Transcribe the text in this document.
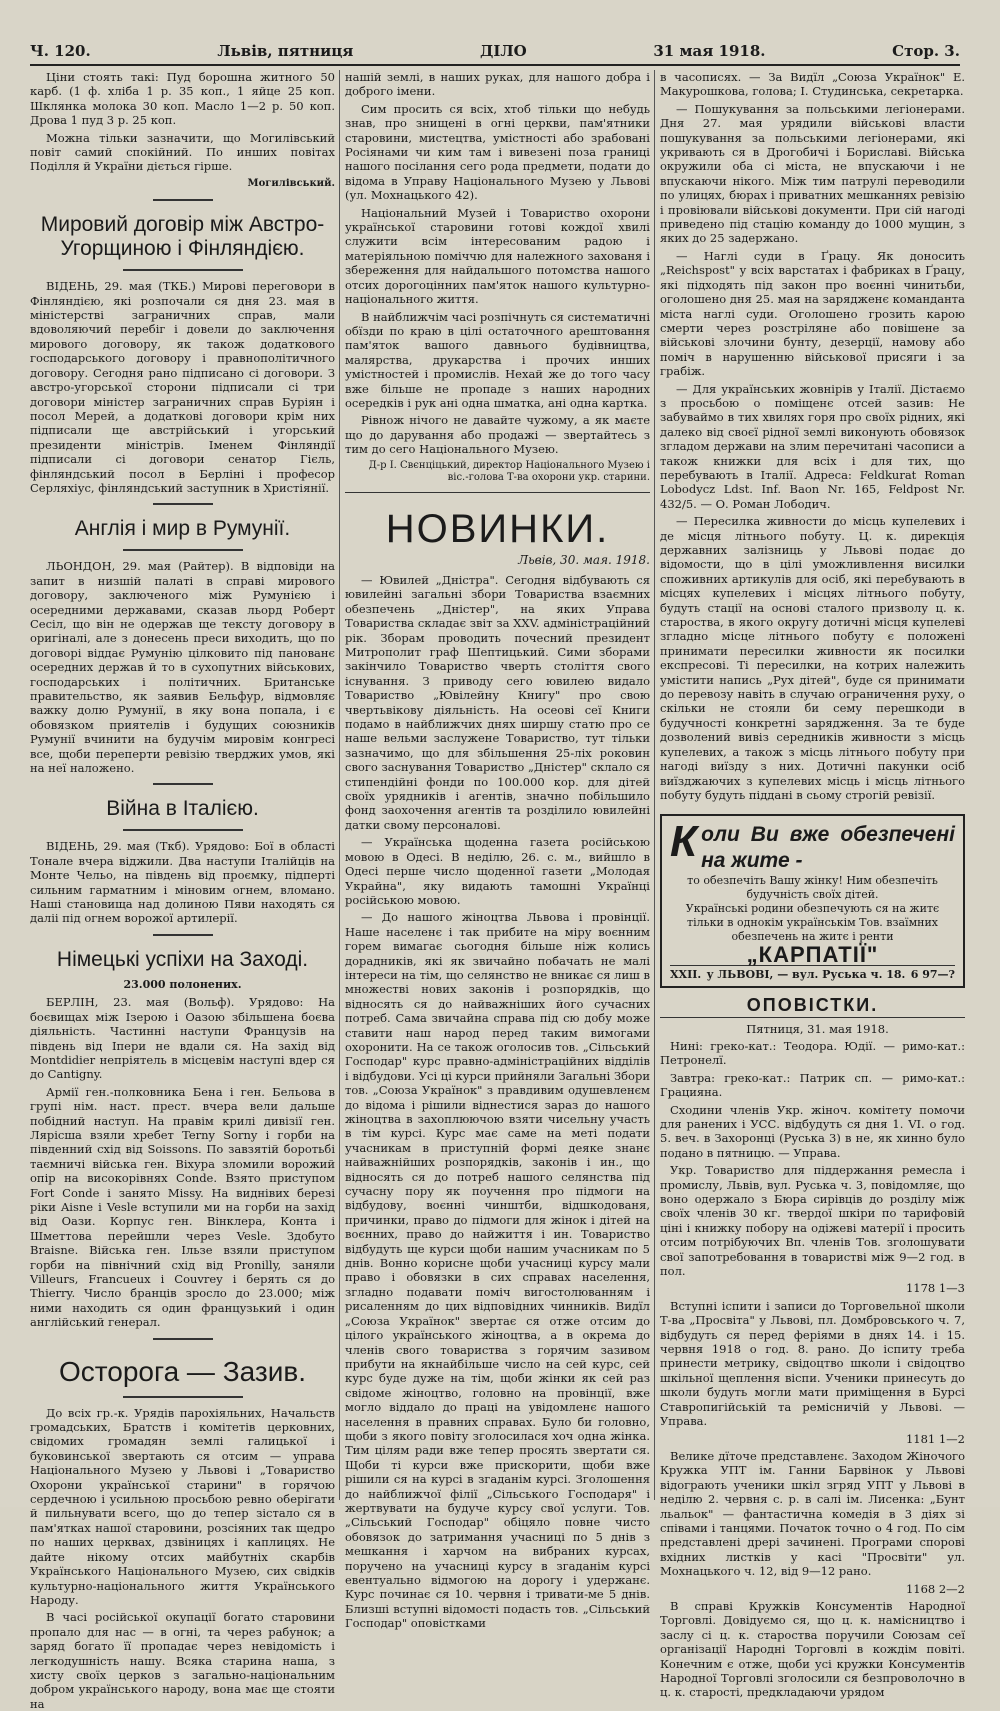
Ч. 120.	Львів, пятниця	ДІЛО	31 мая 1918.	Стор. 3.

Ціни стоять такі: Пуд борошна житного 50 карб. (1 ф. хліба 1 р. 35 коп., 1 яйце 25 коп. Шклянка молока 30 коп. Масло 1—2 р. 50 коп. Дрова 1 пуд 3 р. 25 коп.

Можна тільки зазначити, що Могилівський повіт самий спокійний. По инших повітах Поділля й України діється гірше.

Могилівський.

Мировий договір між Австро-Угорщиною і Фінляндією.

ВІДЕНЬ, 29. мая (ТКБ.) Мирові переговори в Фінляндією, які розпочали ся дня 23. мая в міністерстві заграничних справ, мали вдоволяючий перебіг і довели до заключення мирового договору, як також додаткового господарського договору і правнополітичного договору. Сегодня рано підписано сі договори. З австро-угорської сторони підписали сі три договори міністер заграничних справ Буріян і посол Мерей, а додаткові договори крім них підписали ще австрійський і угорський президенти міністрів. Іменем Фінляндії підписали сі договори сенатор Гієль, фінляндський посол в Берліні і професор Серляхіус, фінляндський заступник в Христіянії.

Англія і мир в Румунії.

ЛЬОНДОН, 29. мая (Райтер). В відповіди на запит в низшій палаті в справі мирового договору, заключеного між Румунією і осередними державами, сказав льорд Роберт Сесіл, що він не одержав ще тексту договору в оригіналі, але з донесень преси виходить, що по договорі віддає Румунію цілковито під панованє осередних держав й то в сухопутних військових, господарських і політичних. Британське правительство, як заявив Бельфур, відмовляє важку долю Румунії, в яку вона попала, і є обовязком приятелів і будущих союзників Румунії вчинити на будучім мировім конгресі все, щоби переперти ревізію тверджих умов, які на неї наложено.

Війна в Італією.

ВІДЕНЬ, 29. мая (Ткб). Урядово: Бої в області Тонале вчера віджили. Два наступи Італійців на Монте Чельо, на південь від проємку, підперті сильним гарматним і міновим огнем, вломано. Наші становища над долиною Пяви находять ся даліі під огнем ворожої артилерії.

Німецькі успіхи на Заході.

23.000 полонених.

БЕРЛІН, 23. мая (Вольф). Урядово: На боєвищах між Ізерою і Оазою збільшена боєва діяльність. Частинні наступи Французів на південь від Іпери не вдали ся. На захід від Montdidier непріятель в місцевім наступі вдер ся до Cantigny.

Армії ген.-полковника Бена і ген. Бельова в групі нім. наст. прест. вчера вели дальше побідний наступ. На правім крилі дивізії ген. Лярісша взяли хребет Terny Sorny і горби на південний схід від Soissons. По завзятій боротьбі таємничі війська ген. Віхура зломили ворожий опір на високорівнях Conde. Взято приступом Fort Conde і занято Missy. На виднівих березі ріки Aisne і Vesle вступили ми на горби на захід від Оази. Корпус ген. Вінклера, Конта і Шметтова перейшли через Vesle. Здобуто Braisne. Війська ген. Ільзе взяли приступом горби на північний схід від Pronilly, заняли Villeurs, Francueux і Couvrey і берять ся до Thierry. Число бранців зросло до 23.000; між ними находить ся один французький і один англійський генерал.

Осторога — Зазив.

До всіх гр.-к. Урядів парохіяльних, Начальств громадських, Братств і комітетів церковних, свідомих громадян землі галицької і буковинської звертають ся отсим — управа Національного Музею у Львові і „Товариство Охорони української старини" в горячою сердечною і усильною просьбою ревно оберігати й пильнувати всего, що до тепер зістало ся в пам'ятках нашої старовини, розсіяних так щедро по наших церквах, дзвіницях і каплицях. Не дайте нікому отсих майбутніх скарбів Українського Національного Музею, сих свідків культурно-національного життя Українського Народу.

В часі російської окупації богато старовини пропало для нас — в огні, та через рабунок; а заряд богато її пропадає через невідомість і легкодушність нашу. Всяка старина наша, з хисту своїх церков з загально-національним добром українського народу, вона має ще стояти на

нашій землі, в наших руках, для нашого добра і доброго імени.

Сим просить ся всіх, хтоб тільки що небудь знав, про знищені в огні церкви, пам'ятники старовини, мистецтва, умістності або зрабовані Росіянами чи ким там і вивезені поза границі нашого посілання сего рода предмети, подати до відома в Управу Національного Музею у Львові (ул. Мохнацького 42).

Національний Музей і Товариство охорони української старовини готові кождої хвилі служити всім інтересованим радою і матеріяльною поміччю для належного захованя і збереження для найдальшого потомства нашого отсих дорогоцінних пам'яток нашого культурно-національного життя.

В найближчім часі розпічнуть ся систематичні обїзди по краю в цілі остаточного арештовання пам'яток вашого давнього будівництва, малярства, друкарства і прочих инших умістностей і промислів. Нехай же до того часу вже більше не пропаде з наших народних осередків і рук ані одна шматка, ані одна картка.

Рівнож нічого не давайте чужому, а як маєте що до дарування або продажі — звертайтесь з тим до сего Національного Музею.

Д-р І. Свєнціцький, директор Національного Музею і віс.-голова Т-ва охорони укр. старини.

НОВИНКИ.

Львів, 30. мая. 1918.

— Ювилей „Дністра". Сегодня відбувають ся ювилейні загальні збори Товариства взаємних обезпечень „Дністер", на яких Управа Товариства складає звіт за XXV. адміністраційний рік. Зборам проводить почесний президент Митрополит граф Шептицький. Сими зборами закінчило Товариство чверть століття свого існування. З приводу сего ювилею видало Товариство „Ювілейну Книгу" про свою чвертьвікову діяльність. На осеові сеї Книги подамо в найближчих днях ширшу статю про се наше вельми заслужене Товариство, тут тільки зазначимо, що для збільшення 25-ліх роковин свого заснування Товариство „Дністер" склало ся стипендійні фонди по 100.000 кор. для дітей своїх урядників і агентів, значно побільшило фонд заохочення агентів та розділило ювилейні датки свому персоналові.

— Українська щоденна газета російською мовою в Одесі. В неділю, 26. с. м., вийшло в Одесі перше число щоденної газети „Молодая Украйна", яку видають тамошні Українці російською мовою.

— До нашого жіноцтва Львова і провінції. Наше населенє і так прибите на міру воєнним горем вимагає сьогодня більше ніж колись дорадників, які як звичайно побачать не малі інтереси на тім, що селянство не вникає ся лиш в множестві нових законів і розпорядків, що відносять ся до найважніших його сучасних потреб. Сама звичайна справа під сю добу може ставити наш народ перед таким вимогами охоронити. На се також оголосив тов. „Сільський Господар" курс правно-адміністраційних відділів і відбудови. Усі ці курси прийняли Загальні Збори тов. „Союза Українок" з правдивим одушевленєм до відома і рішили віднестися зараз до нашого жіноцтва в захоплюючою взяти чисельну участь в тім курсі. Курс має саме на меті подати учасникам в приступній формі деяке знанє найважнійших розпорядків, законів і ин., що відносять ся до потреб нашого селянства під сучасну пору як поучення про підмоги на відбудову, воєнні чинштби, відшкодованя, причинки, право до підмоги для жінок і дітей на воєнних, право до найжиття і ин. Товариство відбудуть ще курси щоби нашим учасникам по 5 днів. Вонно корисне щоби учасниці курсу мали право і обовязки в сих справах населення, згладно подавати поміч вигостолюванням і рисаленням до цих відповідних чинників. Видїл „Союза Українок" звертає ся отже отсим до цілого українського жіноцтва, а в окрема до членів свого товариства з горячим зазивом прибути на якнайбільше число на сей курс, сей курс буде дуже на тім, щоби жінки як сей раз свідоме жіноцтво, головно на провінції, вже могло віддало до праці на увідомленє нашого населення в правних справах. Було би головно, щоби з якого повіту зголосилася хоч одна жінка. Тим цілям ради вже тепер просять звертати ся. Щоби ті курси вже прискорити, щоби вже рішили ся на курсі в згаданім курсі. Зголошення до найближчої філії „Сільського Господаря" і жертвувати на будуче курсу свої услуги. Тов. „Сільський Господар" обіцяло повне чисто обовязок до затримання учасниці по 5 днів з мешкання і харчом на вибраних курсах, поручено на учасниці курсу в згаданім курсі евентуально відмогою на дорогу і удержанє. Курс починає ся 10. червня і тривати-ме 5 днів. Близші вступні відомості подасть тов. „Сільський Господар" оповістками

в часописях. — За Видїл „Союза Українок" Е. Макурошкова, голова; І. Студинська, секретарка.

— Пошукування за польськими легіонерами. Дня 27. мая урядили військові власти пошукування за польськими легіонерами, які укривають ся в Дрогобичі і Бориславі. Війська окружили оба сі міста, не впускаючи і не впускаючи нікого. Між тим патрулі переводили по улицях, бюрах і приватних мешканнях ревізію і провіювали військові документи. При сій нагоді приведено під стацію команду до 1000 мущин, з яких до 25 задержано.

— Наглі суди в Ґрацу. Як доносить „Reichspost" у всіх варстатах і фабриках в Ґрацу, які підходять під закон про воєнні чинитьби, оголошено дня 25. мая на зарядженє командантa міста наглі суди. Оголошено грозить карою смерти через розстріляне або повішене за військові злочини бунту, дезерції, намову або поміч в нарушенню військової присяги і за грабіж.

— Для українських жовнірів у Італії. Дістаємо з просьбою о поміщенє отсей зазив: Не забуваймо в тих хвилях горя про своїх рідних, які далеко від своєї рідної землі виконують обовязок згладом держави на злим перечитані часописи а також книжки для всіх і для тих, що перебувають в Італії. Адреса: Feldkurat Roman Lobodycz Ldst. Inf. Baon Nr. 165, Feldpost Nr. 432/5. — О. Роман Лободич.

— Пересилка живности до місць купелевих і де місця літнього побуту. Ц. к. дирекція державних залізниць у Львові подає до відомости, що в цілі уможливлення висилки споживних артикулів для осіб, які перебувають в місцях купелевих і місцях літнього побуту, будуть стації на основі сталого призволу ц. к. староства, в якого округу дотичні місця купелеві згладно місце літнього побуту є положені принимати пересилки живности як посилки експресові. Ті пересилки, на котрих належить умістити напись „Рух дітей", буде ся принимати до перевозу навіть в случаю ограничення руху, о скільки не стояли би сему перешкоди в будучності конкретні зарядження. За те буде дозволений вивіз середників живности з місць купелевих, а також з місць літнього побуту при нагоді виїзду з них. Дотичні пакунки осіб виїзджаючих з купелевих місць і місць літнього побуту будуть піддані в сьому строгій ревізії.

Коли Ви вже обезпечені на жите -

то обезпечіть Вашу жінку! Ним обезпечіть будучність своїх дітей.

Українські родини обезпечують ся на житє тільки в однокім українськім Тов. взаїмних обезпечень на житє і ренти

„КАРПАТІЇ"
XXII. у ЛЬВОВІ, — вул. Руська ч. 18. 6 97—?
ОПОВІСТКИ.

Пятниця, 31. мая 1918.

Нині: греко-кат.: Теодора. Юдії. — римо-кат.: Петронелї.

Завтра: греко-кат.: Патрик сп. — римо-кат.: Грацияна.

Сходини членів Укр. жіноч. комітету помочи для ранених і УСС. відбудуть ся дня 1. VI. о год. 5. веч. в Захоронці (Руська 3) в не, як хинно було подано в пятницю. — Управа.

Укр. Товариство для піддержання ремесла і промислу, Львів, вул. Руська ч. 3, повідомляє, що воно одержало з Бюра сирівців до розділу між своїх членів 30 кг. твердої шкіри по тарифовій ціні і книжку побору на одіжеві матерії і просить отсим потрібуючих Вп. членів Тов. зголошувати свої запотребовання в товаристві між 9—2 год. в пол.

1178 1—3

Вступні іспити і записи до Торговельної школи Т-ва „Просвіта" у Львові, пл. Домбровського ч. 7, відбудуть ся перед феріями в днях 14. і 15. червня 1918 о год. 8. рано. До іспиту треба принести метрику, свідоцтво школи і свідоцтво шкільної щеплення віспи. Ученики принесуть до школи будуть могли мати приміщення в Бурсі Ставропигійській та ремісничій у Львові. — Управа.

1181 1—2

Велике дїточе представленє. Заходом Жіночого Кружка УПТ ім. Ганни Барвінок у Львові відограють ученики шкіл згряд УПТ у Львові в неділю 2. червня с. р. в салі ім. Лисенка: „Бунт льальок" — фантастична комедія в 3 діях зі співами і танцями. Початок точно о 4 год. По сім представлені дрері зачинені. Програми спорові вхідних листків у касі "Просвіти" ул. Мохнацького ч. 12, від 9—12 рано.

1168 2—2

В справі Кружків Консументів Народної Торговлі. Довідуємо ся, що ц. к. намісництво і заслу сі ц. к. староства поручили Союзам сеї організації Народні Торговлі в кождім повіті. Конечним є отже, щоби усі кружки Консументів Народної Торговлі зголосили ся безпроволочно в ц. к. старості, предкладаючи урядом
